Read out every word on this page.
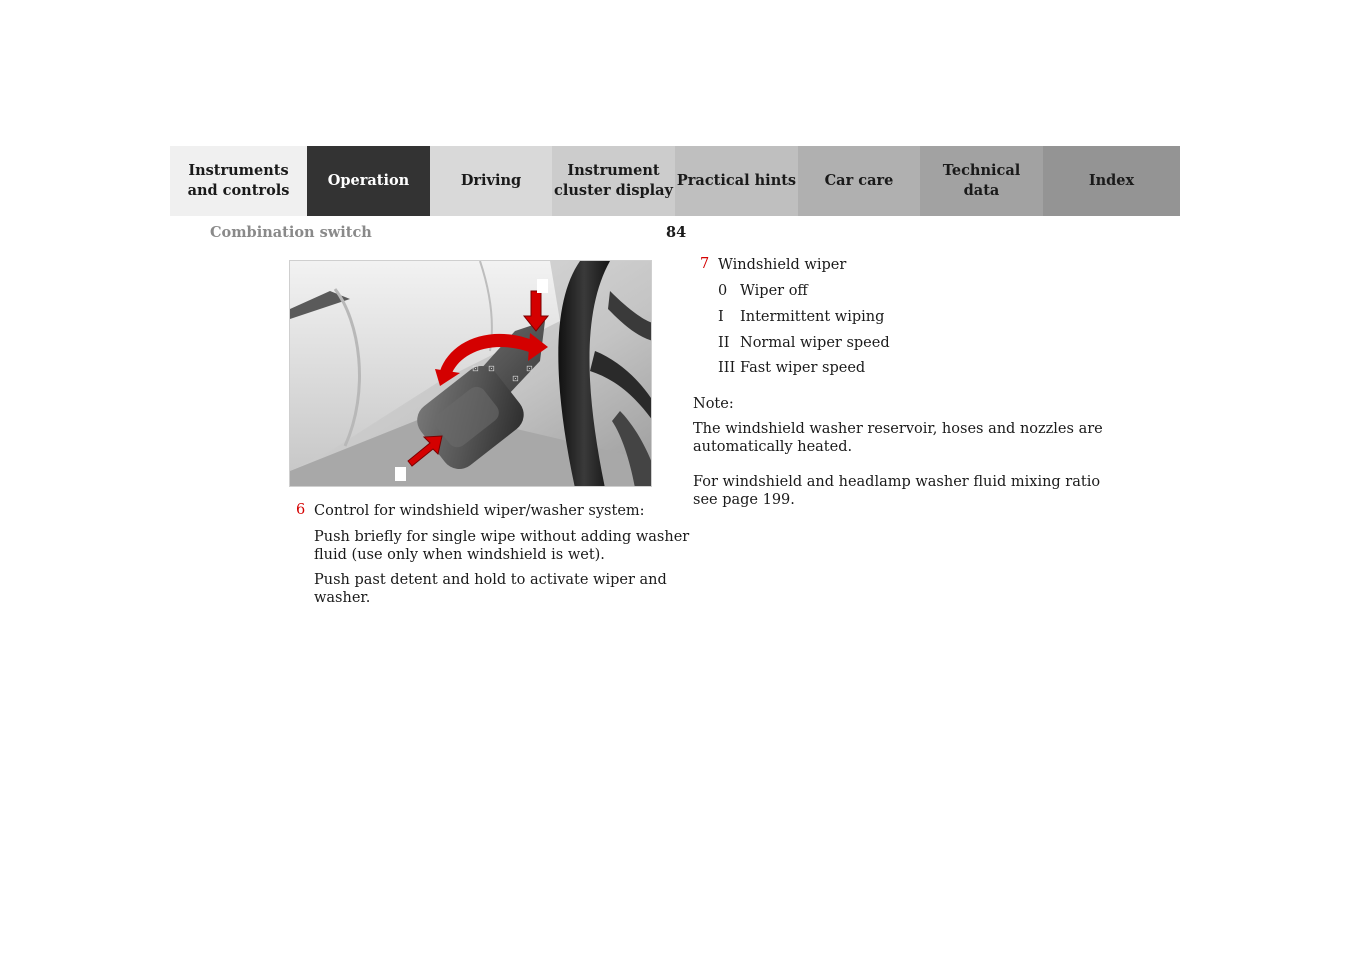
Instruments
and controls
Operation	Driving
Instrument
cluster display
Practical hints Car care
Technical
data
Index
Combination switch	84
⊡ ⊡
⊡
⊡
7
6
6 Control for windshield wiper/washer system:
Push briefly for single wipe without adding washer
fluid (use only when windshield is wet).
Push past detent and hold to activate wiper and
washer.
7 Windshield wiper
0 Wiper off
I Intermittent wiping
II Normal wiper speed
III Fast wiper speed
Note:
The windshield washer reservoir, hoses and nozzles are
automatically heated.
For windshield and headlamp washer fluid mixing ratio
see page 199.
